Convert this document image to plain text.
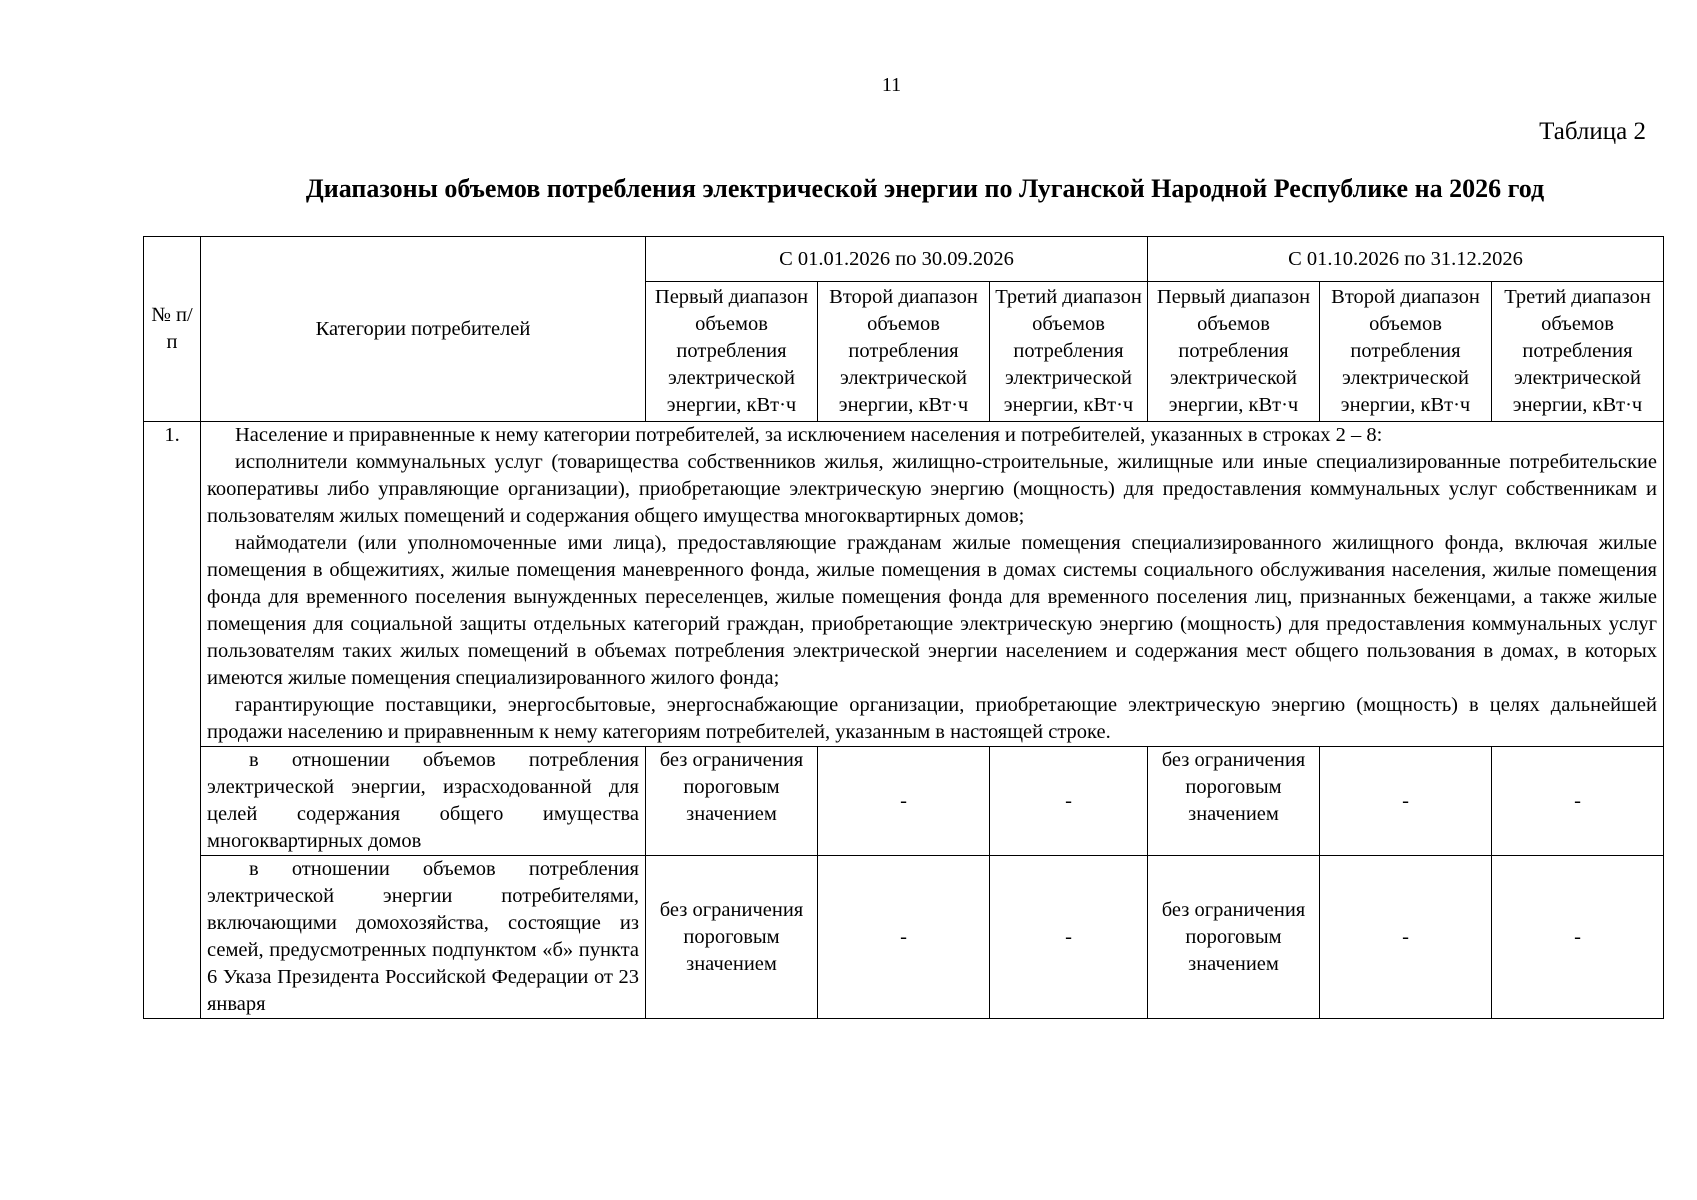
11
Таблица 2
Диапазоны объемов потребления электрической энергии по Луганской Народной Республике на 2026 год
№ п/п	Категории потребителей	С 01.01.2026 по 30.09.2026			С 01.10.2026 по 31.12.2026		
		Первый диапазон объемов потребления электрической энергии, кВт·ч	Второй диапазон объемов потребления электрической энергии, кВт·ч	Третий диапазон объемов потребления электрической энергии, кВт·ч	Первый диапазон объемов потребления электрической энергии, кВт·ч	Второй диапазон объемов потребления электрической энергии, кВт·ч	Третий диапазон объемов потребления электрической энергии, кВт·ч
1.	Население и приравненные к нему категории потребителей, за исключением населения и потребителей, указанных в строках 2 – 8:

исполнители коммунальных услуг (товарищества собственников жилья, жилищно-строительные, жилищные или иные специализированные потребительские кооперативы либо управляющие организации), приобретающие электрическую энергию (мощность) для предоставления коммунальных услуг собственникам и пользователям жилых помещений и содержания общего имущества многоквартирных домов;

наймодатели (или уполномоченные ими лица), предоставляющие гражданам жилые помещения специализированного жилищного фонда, включая жилые помещения в общежитиях, жилые помещения маневренного фонда, жилые помещения в домах системы социального обслуживания населения, жилые помещения фонда для временного поселения вынужденных переселенцев, жилые помещения фонда для временного поселения лиц, признанных беженцами, а также жилые помещения для социальной защиты отдельных категорий граждан, приобретающие электрическую энергию (мощность) для предоставления коммунальных услуг пользователям таких жилых помещений в объемах потребления электрической энергии населением и содержания мест общего пользования в домах, в которых имеются жилые помещения специализированного жилого фонда;

гарантирующие поставщики, энергосбытовые, энергоснабжающие организации, приобретающие электрическую энергию (мощность) в целях дальнейшей продажи населению и приравненным к нему категориям потребителей, указанным в настоящей строке.						

	в отношении объемов потребления электрической энергии, израсходованной для целей содержания общего имущества многоквартирных домов	без ограничения пороговым значением	-	-	без ограничения пороговым значением	-	-
	в отношении объемов потребления электрической энергии потребителями, включающими домохозяйства, состоящие из семей, предусмотренных подпунктом «б» пункта 6 Указа Президента Российской Федерации от 23 января	без ограничения пороговым значением	-	-	без ограничения пороговым значением	-	-
